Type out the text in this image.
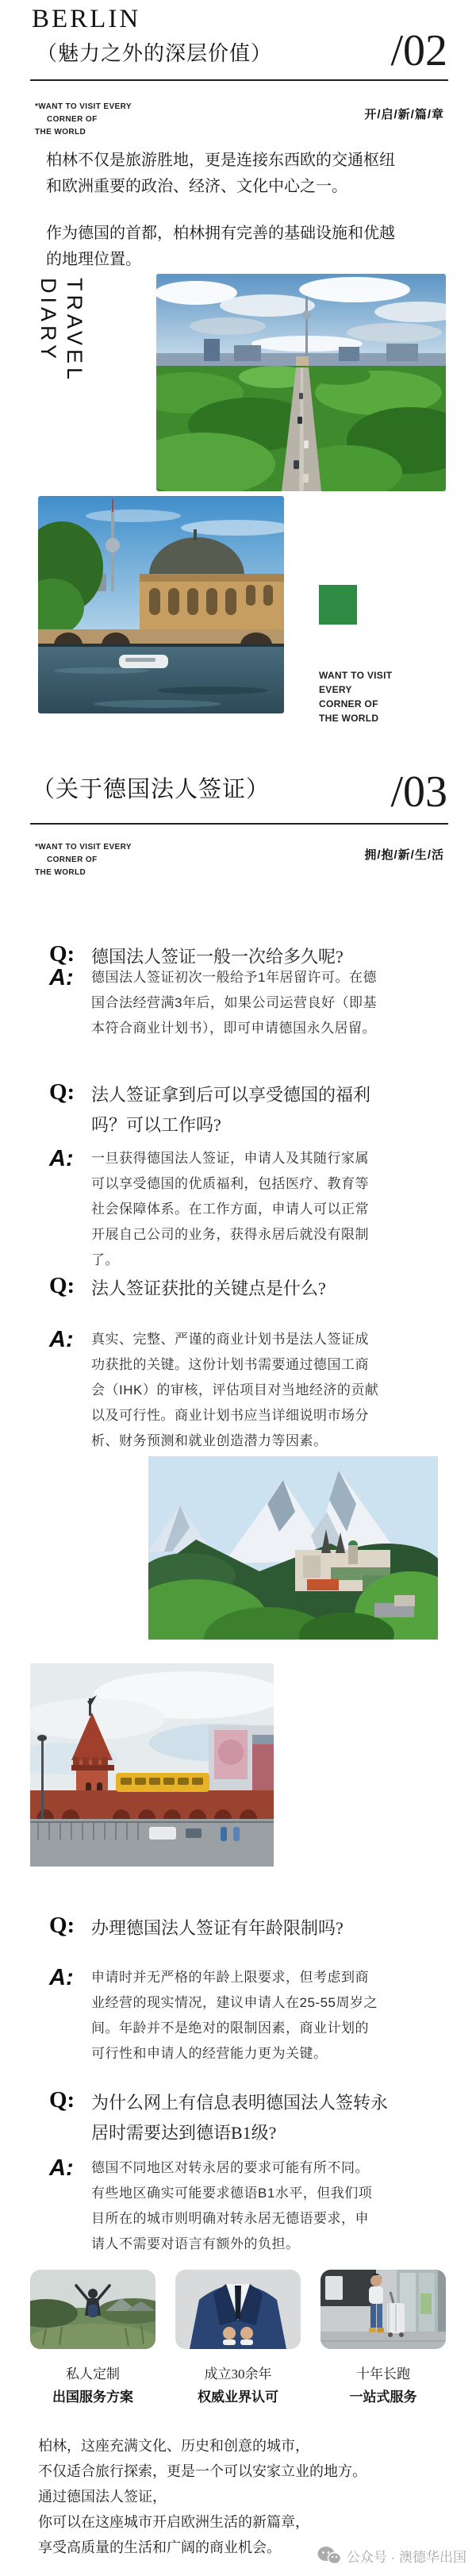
BERLIN
（魅力之外的深层价值）	/02
*WANT TO VISIT EVERY
CORNER OF
THE WORLD
开/启/新/篇/章

柏林不仅是旅游胜地，更是连接东西欧的交通枢纽和欧洲重要的政治、经济、文化中心之一。

作为德国的首都，柏林拥有完善的基础设施和优越的地理位置。

TRAVEL
DIARY
WANT TO VISIT
EVERY
CORNER OF
THE WORLD
（关于德国法人签证）	/03
*WANT TO VISIT EVERY
CORNER OF
THE WORLD
拥/抱/新/生/活
Q: 德国法人签证一般一次给多久呢?
A:	德国法人签证初次一般给予1年居留许可。在德国合法经营满3年后，如果公司运营良好（即基本符合商业计划书），即可申请德国永久居留。
Q: 法人签证拿到后可以享受德国的福利吗？可以工作吗?
A:	一旦获得德国法人签证，申请人及其随行家属可以享受德国的优质福利，包括医疗、教育等社会保障体系。在工作方面，申请人可以正常开展自己公司的业务，获得永居后就没有限制了。
Q: 法人签证获批的关键点是什么?
A:	真实、完整、严谨的商业计划书是法人签证成功获批的关键。这份计划书需要通过德国工商会（IHK）的审核，评估项目对当地经济的贡献以及可行性。商业计划书应当详细说明市场分析、财务预测和就业创造潜力等因素。
Q: 办理德国法人签证有年龄限制吗?
A:	申请时并无严格的年龄上限要求，但考虑到商业经营的现实情况，建议申请人在25-55周岁之间。年龄并不是绝对的限制因素，商业计划的可行性和申请人的经营能力更为关键。
Q: 为什么网上有信息表明德国法人签转永居时需要达到德语B1级?
A:	德国不同地区对转永居的要求可能有所不同。有些地区确实可能要求德语B1水平，但我们项目所在的城市则明确对转永居无德语要求，申请人不需要对语言有额外的负担。
私人定制
出国服务方案
成立30余年
权威业界认可
十年长跑
一站式服务
柏林，这座充满文化、历史和创意的城市，
不仅适合旅行探索，更是一个可以安家立业的地方。
通过德国法人签证，
你可以在这座城市开启欧洲生活的新篇章，
享受高质量的生活和广阔的商业机会。
公众号 · 澳德华出国
